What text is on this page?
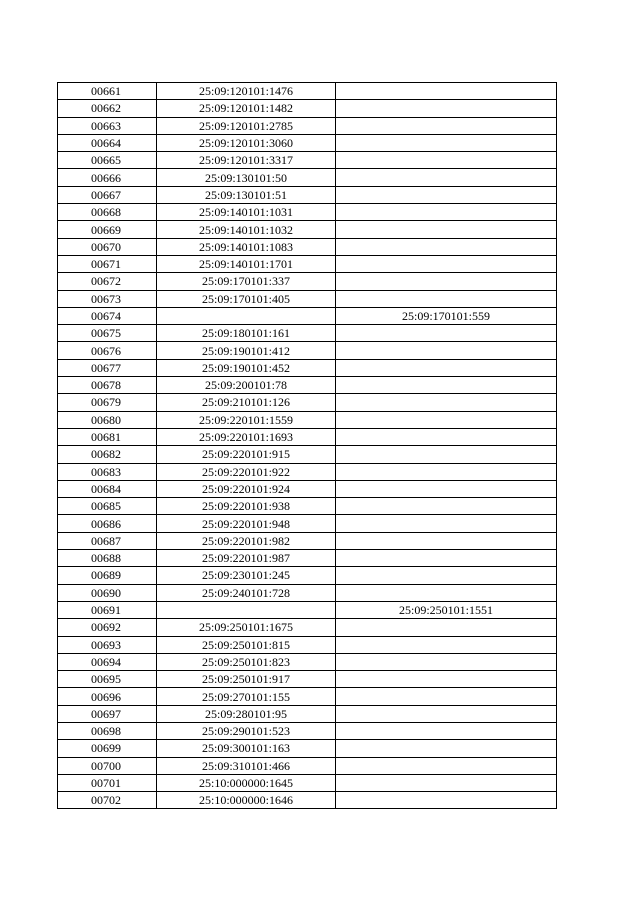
00661	25:09:120101:1476	
00662	25:09:120101:1482	
00663	25:09:120101:2785	
00664	25:09:120101:3060	
00665	25:09:120101:3317	
00666	25:09:130101:50	
00667	25:09:130101:51	
00668	25:09:140101:1031	
00669	25:09:140101:1032	
00670	25:09:140101:1083	
00671	25:09:140101:1701	
00672	25:09:170101:337	
00673	25:09:170101:405	
00674		25:09:170101:559
00675	25:09:180101:161	
00676	25:09:190101:412	
00677	25:09:190101:452	
00678	25:09:200101:78	
00679	25:09:210101:126	
00680	25:09:220101:1559	
00681	25:09:220101:1693	
00682	25:09:220101:915	
00683	25:09:220101:922	
00684	25:09:220101:924	
00685	25:09:220101:938	
00686	25:09:220101:948	
00687	25:09:220101:982	
00688	25:09:220101:987	
00689	25:09:230101:245	
00690	25:09:240101:728	
00691		25:09:250101:1551
00692	25:09:250101:1675	
00693	25:09:250101:815	
00694	25:09:250101:823	
00695	25:09:250101:917	
00696	25:09:270101:155	
00697	25:09:280101:95	
00698	25:09:290101:523	
00699	25:09:300101:163	
00700	25:09:310101:466	
00701	25:10:000000:1645	
00702	25:10:000000:1646	
